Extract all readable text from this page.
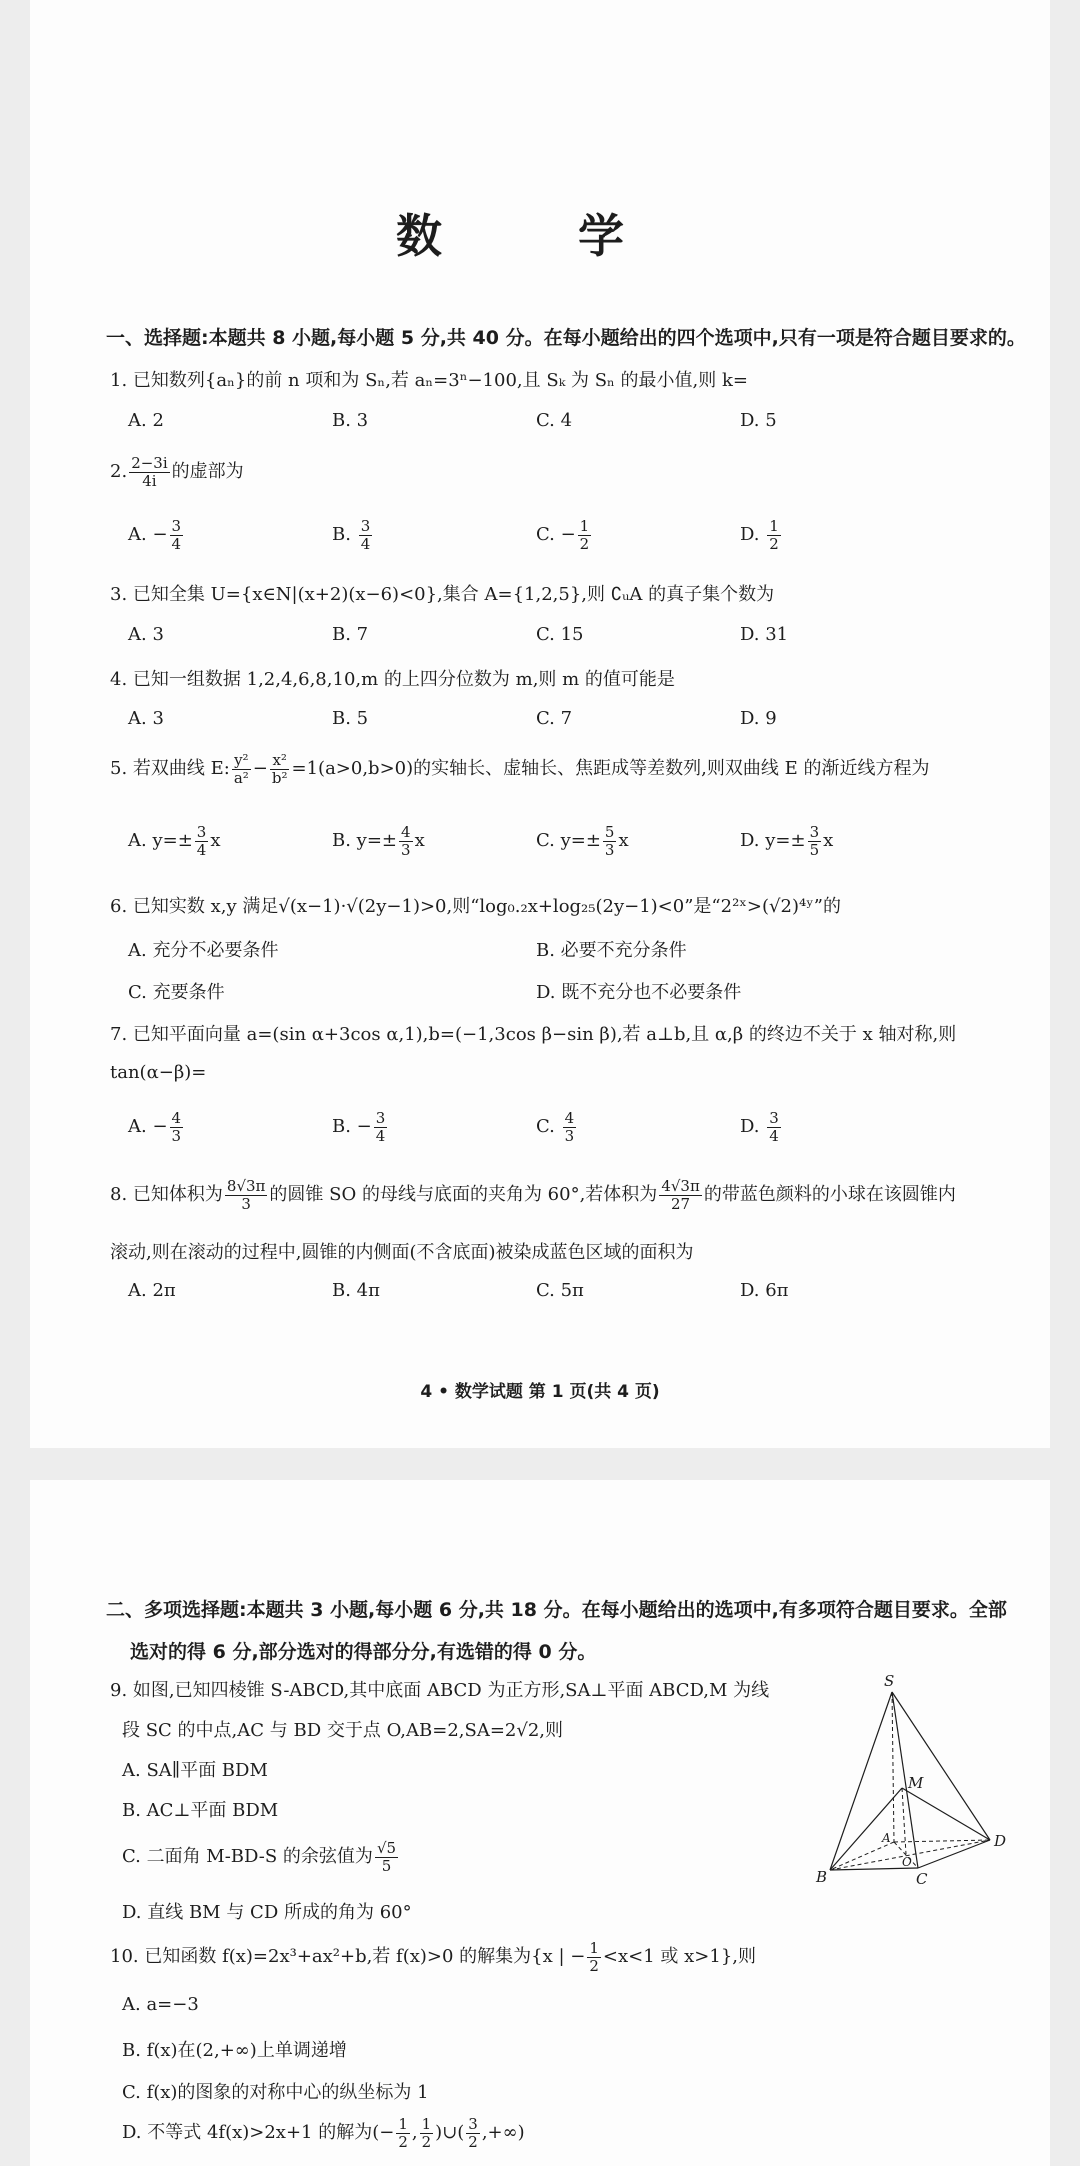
数 学
一、选择题:本题共 8 小题,每小题 5 分,共 40 分。在每小题给出的四个选项中,只有一项是符合题目要求的。
1. 已知数列{aₙ}的前 n 项和为 Sₙ,若 aₙ=3ⁿ−100,且 Sₖ 为 Sₙ 的最小值,则 k=
A. 2	B. 3	C. 4	D. 5
2. $\frac{2-3i}{4i}$ 的虚部为
A. − $\frac{3}{4}$	B. $\frac{3}{4}$	C. − $\frac{1}{2}$	D. $\frac{1}{2}$
3. 已知全集 U={x∈N|(x+2)(x−6)<0},集合 A={1,2,5},则 ∁ᵤA 的真子集个数为
A. 3	B. 7	C. 15	D. 31
4. 已知一组数据 1,2,4,6,8,10,m 的上四分位数为 m,则 m 的值可能是
A. 3	B. 5	C. 7	D. 9
5. 若双曲线 E: $\frac{\text{y²}}{\text{a²}} - \frac{\text{x²}}{\text{b²}} =1(a>0,b>0)$的实轴长、虚轴长、焦距成等差数列,则双曲线 E 的渐近线方程为
A. $y=\pm \frac{3}{4}$ x	B. $y=\pm \frac{4}{3}$ x	C. $y=\pm \frac{5}{3}$ x	D. $y=\pm \frac{3}{5}$ x
6. 已知实数 x,y 满足√(x−1)·√(2y−1)>0,则“log₀.₂x+log₂₅(2y−1)<0”是“2²ˣ>(√2)⁴ʸ”的
A. 充分不必要条件	B. 必要不充分条件
C. 充要条件	D. 既不充分也不必要条件
7. 已知平面向量 a=(sin α+3cos α,1),b=(−1,3cos β−sin β),若 a⊥b,且 α,β 的终边不关于 x 轴对称,则
tan(α−β)=
A. − $\frac{4}{3}$	B. − $\frac{3}{4}$	C. $\frac{4}{3}$	D. $\frac{3}{4}$
8. 已知体积为 $\frac{8√3\pi}{3}$ 的圆锥 SO 的母线与底面的夹角为 60°,若体积为 $\frac{4√3\pi}{27}$ 的带蓝色颜料的小球在该圆锥内
滚动,则在滚动的过程中,圆锥的内侧面(不含底面)被染成蓝色区域的面积为
A. 2π	B. 4π	C. 5π	D. 6π
4 • 数学试题 第 1 页(共 4 页)
二、多项选择题:本题共 3 小题,每小题 6 分,共 18 分。在每小题给出的选项中,有多项符合题目要求。全部
选对的得 6 分,部分选对的得部分分,有选错的得 0 分。
9. 如图,已知四棱锥 S-ABCD,其中底面 ABCD 为正方形,SA⊥平面 ABCD,M 为线
段 SC 的中点,AC 与 BD 交于点 O,AB=2,SA=2√2,则
A. SA∥平面 BDM
B. AC⊥平面 BDM
C. 二面角 M-BD-S 的余弦值为 $\frac{√5}{5}$
D. 直线 BM 与 CD 所成的角为 60°
S
M
A
O
B	C
D
10. 已知函数 f(x)=2x³+ax²+b,若 f(x)>0 的解集为{x | − $\frac{1}{2} <x<1$ 或 x>1},则
A. a=−3
B. f(x)在(2,+∞)上单调递增
C. f(x)的图象的对称中心的纵坐标为 1
D. 不等式 4f(x)>2x+1 的解为(− $\frac{1}{2}$ , $\frac{1}{2}$ )∪( $\frac{3}{2}$ ,+∞)
